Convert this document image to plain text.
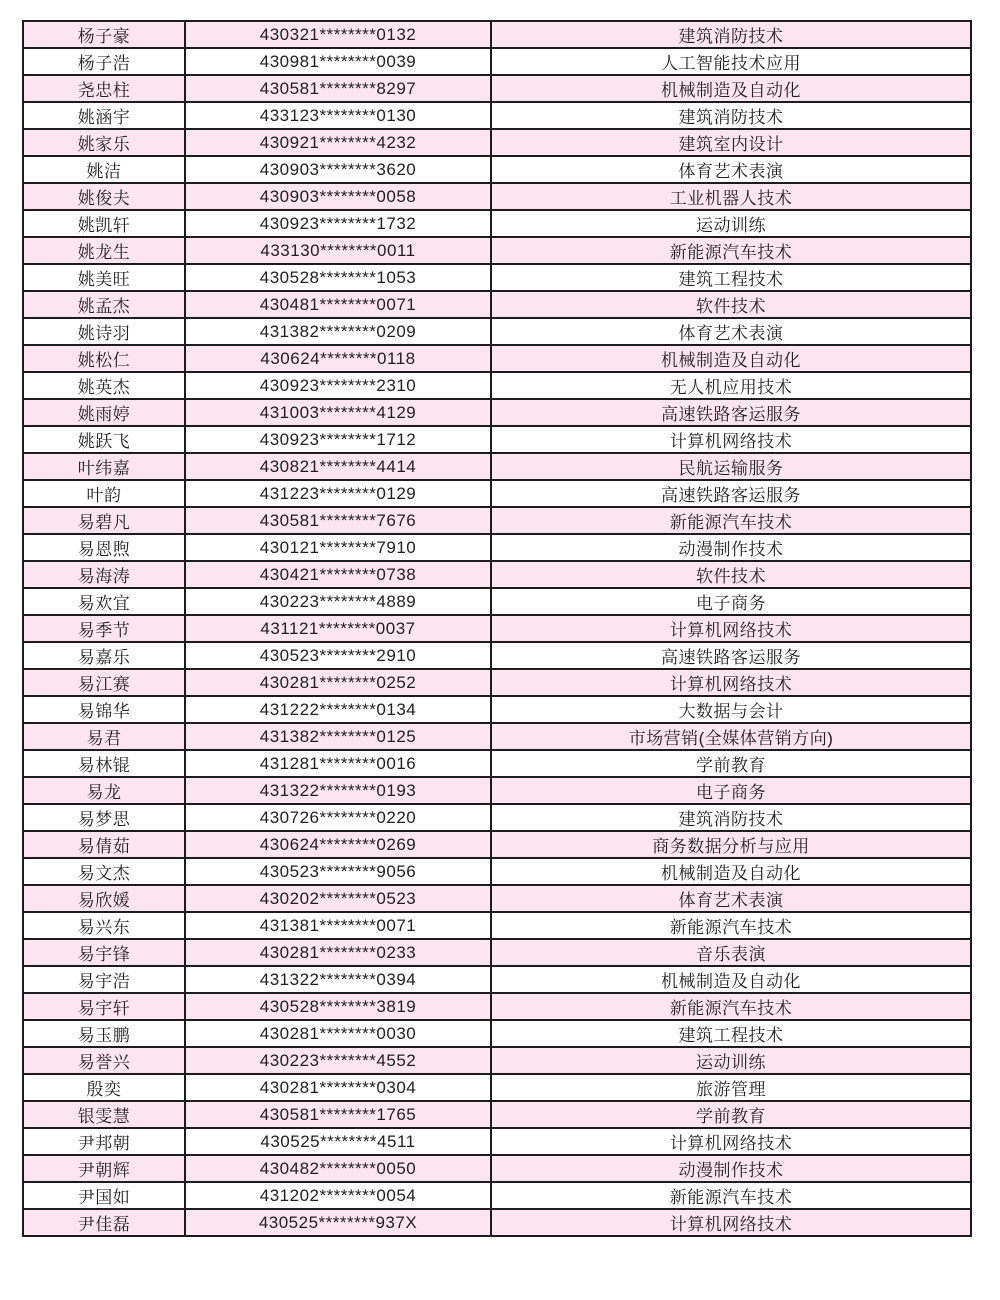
杨子豪	430321********0132	建筑消防技术
杨子浩	430981********0039	人工智能技术应用
尧忠柱	430581********8297	机械制造及自动化
姚涵宇	433123********0130	建筑消防技术
姚家乐	430921********4232	建筑室内设计
姚洁	430903********3620	体育艺术表演
姚俊夫	430903********0058	工业机器人技术
姚凯轩	430923********1732	运动训练
姚龙生	433130********0011	新能源汽车技术
姚美旺	430528********1053	建筑工程技术
姚孟杰	430481********0071	软件技术
姚诗羽	431382********0209	体育艺术表演
姚松仁	430624********0118	机械制造及自动化
姚英杰	430923********2310	无人机应用技术
姚雨婷	431003********4129	高速铁路客运服务
姚跃飞	430923********1712	计算机网络技术
叶纬嘉	430821********4414	民航运输服务
叶韵	431223********0129	高速铁路客运服务
易碧凡	430581********7676	新能源汽车技术
易恩煦	430121********7910	动漫制作技术
易海涛	430421********0738	软件技术
易欢宜	430223********4889	电子商务
易季节	431121********0037	计算机网络技术
易嘉乐	430523********2910	高速铁路客运服务
易江赛	430281********0252	计算机网络技术
易锦华	431222********0134	大数据与会计
易君	431382********0125	市场营销(全媒体营销方向)
易林锟	431281********0016	学前教育
易龙	431322********0193	电子商务
易梦思	430726********0220	建筑消防技术
易倩茹	430624********0269	商务数据分析与应用
易文杰	430523********9056	机械制造及自动化
易欣媛	430202********0523	体育艺术表演
易兴东	431381********0071	新能源汽车技术
易宇锋	430281********0233	音乐表演
易宇浩	431322********0394	机械制造及自动化
易宇轩	430528********3819	新能源汽车技术
易玉鹏	430281********0030	建筑工程技术
易誉兴	430223********4552	运动训练
殷奕	430281********0304	旅游管理
银雯慧	430581********1765	学前教育
尹邦朝	430525********4511	计算机网络技术
尹朝辉	430482********0050	动漫制作技术
尹国如	431202********0054	新能源汽车技术
尹佳磊	430525********937X	计算机网络技术
